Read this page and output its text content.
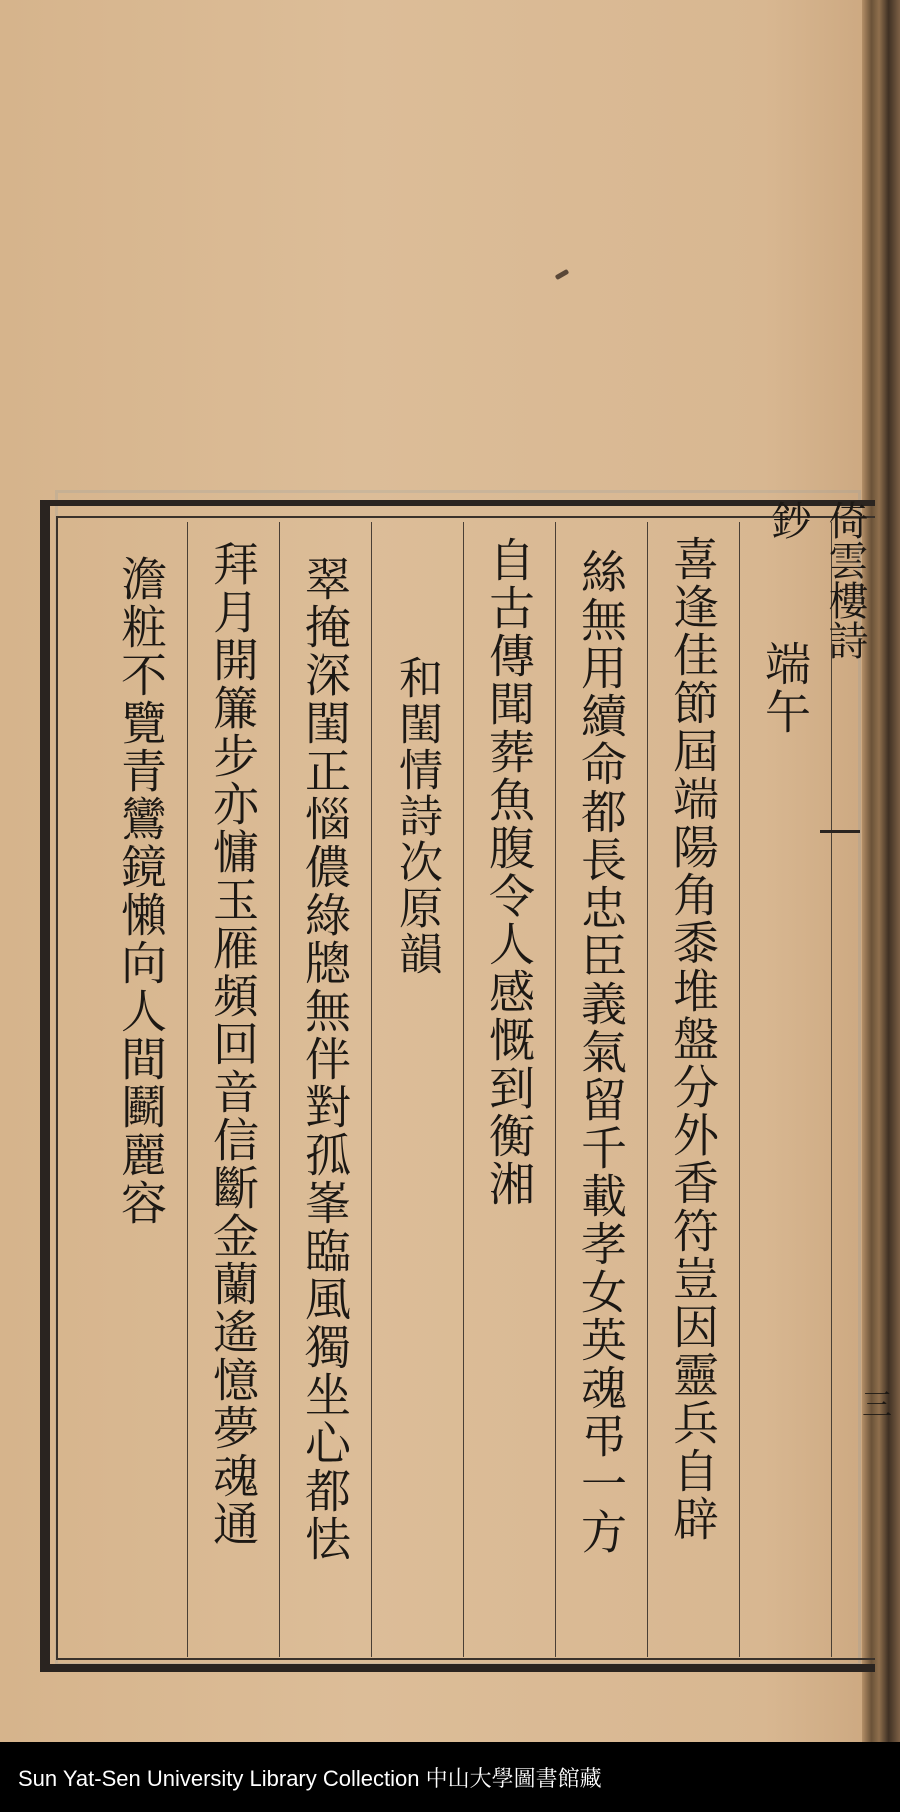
倚雲樓詩鈔
三
端午
喜逢佳節屆端陽角黍堆盤分外香符豈因靈兵自辟
絲無用續命都長忠臣義氣留千載孝女英魂弔一方
自古傳聞葬魚腹令人感慨到衡湘
和閨情詩次原韻
翠掩深閨正惱儂綠牕無伴對孤峯臨風獨坐心都怯
拜月開簾步亦慵玉雁頻回音信斷金蘭遙憶夢魂通
澹粧不覽青鸞鏡懶向人間鬬麗容
Sun Yat-Sen University Library Collection 中山大學圖書館藏
